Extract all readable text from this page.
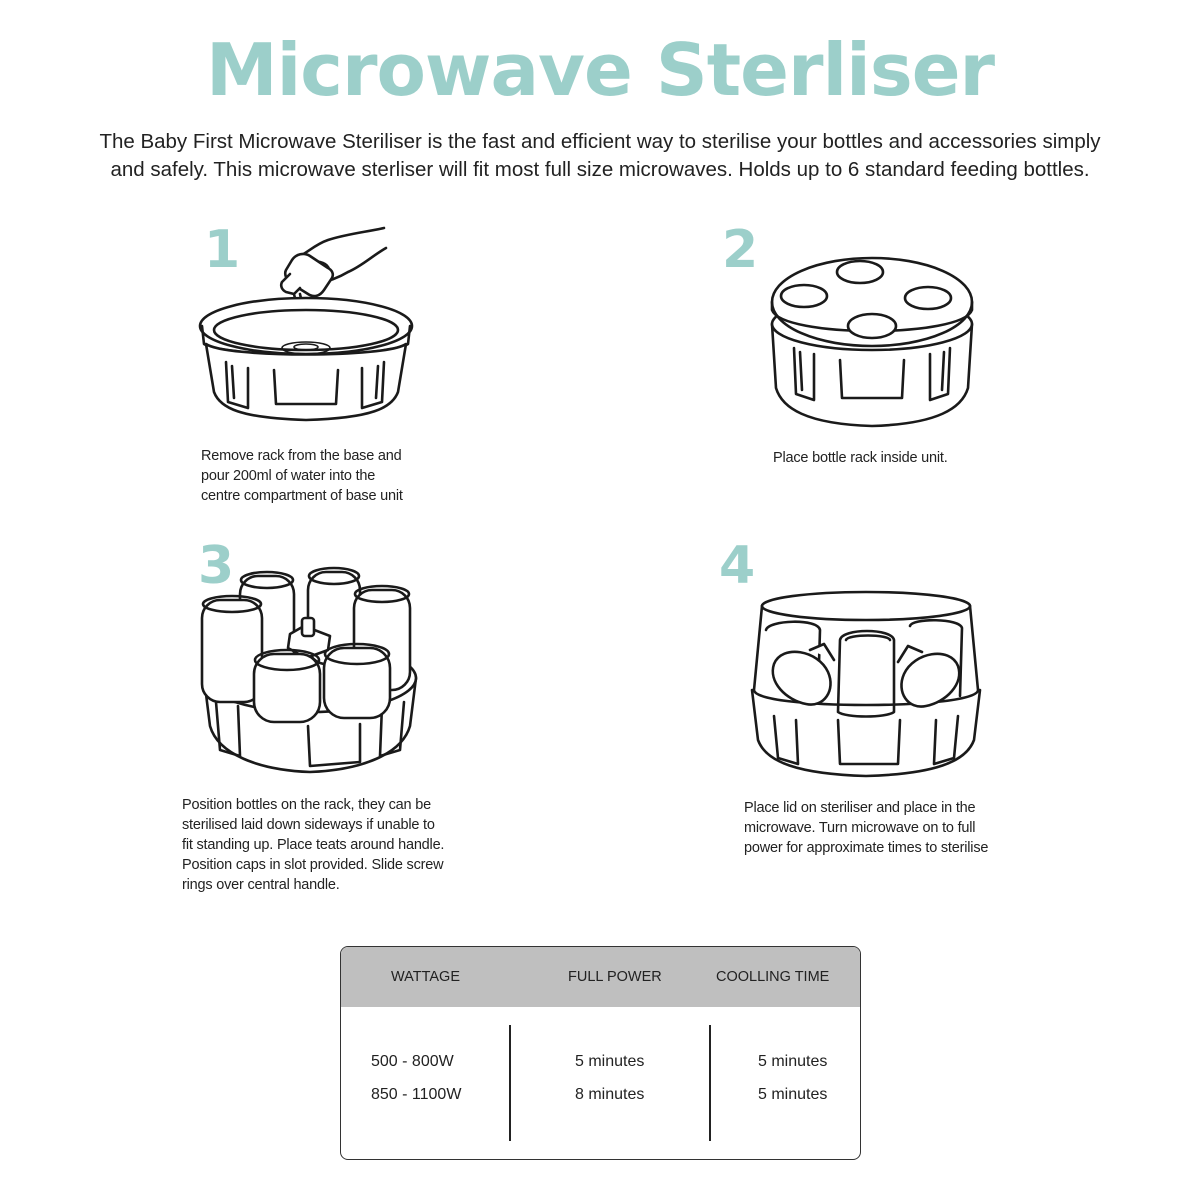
Microwave Sterliser
The Baby First Microwave Steriliser is the fast and efficient way to sterilise your bottles and accessories simply
and safely. This microwave sterliser will fit most full size microwaves. Holds up to 6 standard feeding bottles.
1
Remove rack from the base and
pour 200ml of water into the
centre compartment of base unit
2
Place bottle rack inside unit.
3
Position bottles on the rack, they can be
sterilised laid down sideways if unable to
fit standing up. Place teats around handle.
Position caps in slot provided. Slide screw
rings over central handle.
4
Place lid on steriliser and place in the
microwave. Turn microwave on to full
power for approximate times to sterilise
WATTAGE	FULL POWER	COOLLING TIME
500 - 800W	5 minutes	5 minutes
850 - 1100W	8 minutes	5 minutes
